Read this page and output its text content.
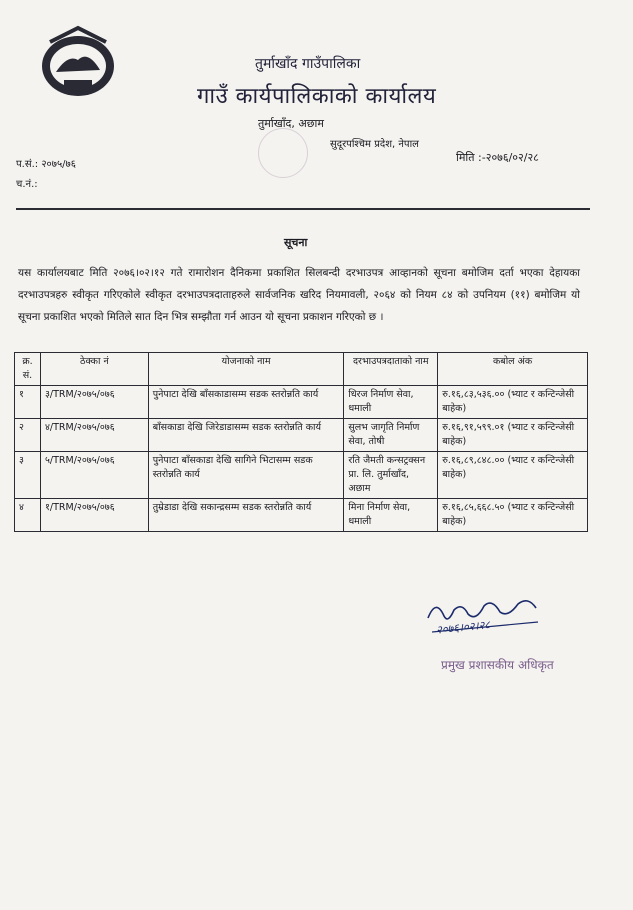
तुर्माखाँद गाउँपालिका
गाउँ कार्यपालिकाको कार्यालय
तुर्माखाँद, अछाम
सुदूरपश्चिम प्रदेश, नेपाल
प.सं.: २०७५/७६
च.नं.:
मिति :-२०७६/०२/२८
सूचना
यस कार्यालयबाट मिति २०७६।०२।१२ गते रामारोशन दैनिकमा प्रकाशित सिलबन्दी दरभाउपत्र आव्हानको सूचना बमोजिम दर्ता भएका देहायका दरभाउपत्रहरु स्वीकृत गरिएकोले स्वीकृत दरभाउपत्रदाताहरुले सार्वजनिक खरिद नियमावली, २०६४ को नियम ८४ को उपनियम (११) बमोजिम यो सूचना प्रकाशित भएको मितिले सात दिन भित्र सम्झौता गर्न आउन यो सूचना प्रकाशन गरिएको छ ।
क्र. सं.	ठेक्का नं	योजनाको नाम	दरभाउपत्रदाताको नाम	कबोल अंक
१	३/TRM/२०७५/०७६	पुनेपाटा देखि बाँसकाडासम्म सडक स्तरोन्नति कार्य	धिरज निर्माण सेवा, धमाली	रु.१६,८३,५३६.०० (भ्याट र कन्टिन्जेसी बाहेक)
२	४/TRM/२०७५/०७६	बाँसकाडा देखि जिरेडाडासम्म सडक स्तरोन्नति कार्य	सुलभ जागृति निर्माण सेवा, तोषी	रु.१६,९१,५९९.०१ (भ्याट र कन्टिन्जेसी बाहेक)
३	५/TRM/२०७५/०७६	पुनेपाटा बाँसकाडा देखि सागिने भिटासम्म सडक स्तरोन्नति कार्य	रति जैमती कन्सट्रक्सन प्रा. लि. तुर्माखाँद, अछाम	रु.१६,८९,८४८.०० (भ्याट र कन्टिन्जेसी बाहेक)
४	१/TRM/२०७५/०७६	तुम्रेडाडा देखि सकान्द्रसम्म सडक स्तरोन्नति कार्य	मिना निर्माण सेवा, धमाली	रु.१६,८५,६६८.५० (भ्याट र कन्टिन्जेसी बाहेक)
२०७६।०२।२८
प्रमुख प्रशासकीय अधिकृत
